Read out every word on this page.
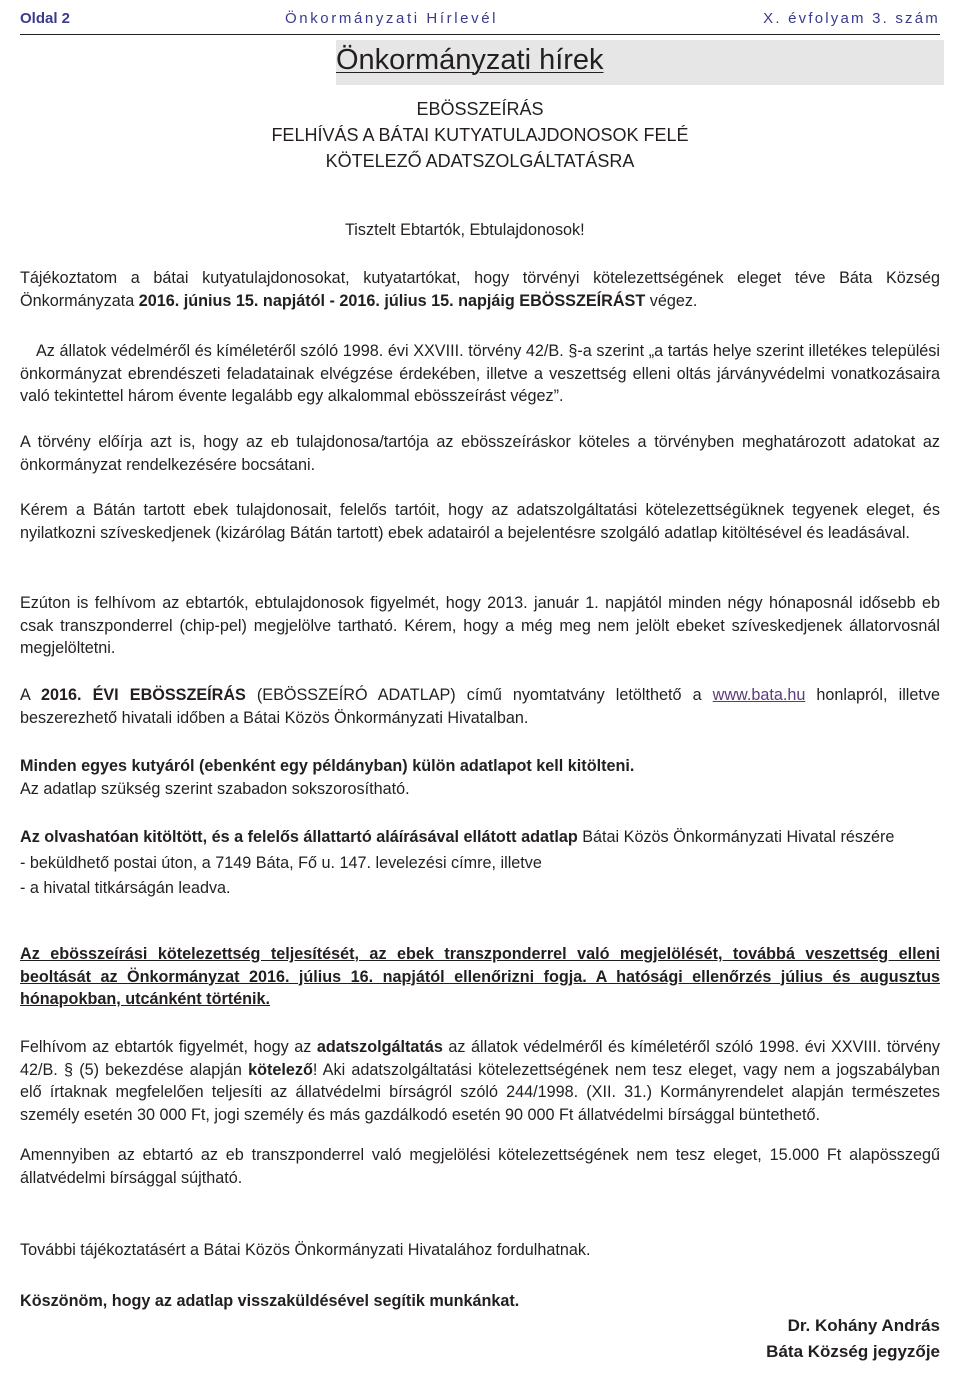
Oldal 2	Önkormányzati Hírlevél	X. évfolyam 3. szám
Önkormányzati hírek
EBÖSSZEÍRÁS
FELHÍVÁS A BÁTAI KUTYATULAJDONOSOK FELÉ
KÖTELEZŐ ADATSZOLGÁLTATÁSRA
Tisztelt Ebtartók, Ebtulajdonosok!

Tájékoztatom a bátai kutyatulajdonosokat, kutyatartókat, hogy törvényi kötelezettségének eleget téve Báta Község Önkormányzata 2016. június 15. napjától - 2016. július 15. napjáig EBÖSSZEÍRÁST végez.

Az állatok védelméről és kíméletéről szóló 1998. évi XXVIII. törvény 42/B. §-a szerint „a tartás helye szerint illetékes települési önkormányzat ebrendészeti feladatainak elvégzése érdekében, illetve a veszettség elleni oltás járványvédelmi vonatkozásaira való tekintettel három évente legalább egy alkalommal ebösszeírást végez”.

A törvény előírja azt is, hogy az eb tulajdonosa/tartója az ebösszeíráskor köteles a törvényben meghatározott adatokat az önkormányzat rendelkezésére bocsátani.

Kérem a Bátán tartott ebek tulajdonosait, felelős tartóit, hogy az adatszolgáltatási kötelezettségüknek tegyenek eleget, és nyilatkozni szíveskedjenek (kizárólag Bátán tartott) ebek adatairól a bejelentésre szolgáló adatlap kitöltésével és leadásával.

Ezúton is felhívom az ebtartók, ebtulajdonosok figyelmét, hogy 2013. január 1. napjától minden négy hónaposnál idősebb eb csak transzponderrel (chip-pel) megjelölve tartható. Kérem, hogy a még meg nem jelölt ebeket szíveskedjenek állatorvosnál megjelöltetni.

A 2016. ÉVI EBÖSSZEÍRÁS (EBÖSSZEÍRÓ ADATLAP) című nyomtatvány letölthető a www.bata.hu honlapról, illetve beszerezhető hivatali időben a Bátai Közös Önkormányzati Hivatalban.

Minden egyes kutyáról (ebenként egy példányban) külön adatlapot kell kitölteni.

Az adatlap szükség szerint szabadon sokszorosítható.

Az olvashatóan kitöltött, és a felelős állattartó aláírásával ellátott adatlap Bátai Közös Önkormányzati Hivatal részére

- beküldhető postai úton, a 7149 Báta, Fő u. 147. levelezési címre, illetve

- a hivatal titkárságán leadva.

Az ebösszeírási kötelezettség teljesítését, az ebek transzponderrel való megjelölését, továbbá veszettség elleni beoltását az Önkormányzat 2016. július 16. napjától ellenőrizni fogja. A hatósági ellenőrzés július és augusztus hónapokban, utcánként történik.

Felhívom az ebtartók figyelmét, hogy az adatszolgáltatás az állatok védelméről és kíméletéről szóló 1998. évi XXVIII. törvény 42/B. § (5) bekezdése alapján kötelező! Aki adatszolgáltatási kötelezettségének nem tesz eleget, vagy nem a jogszabályban elő írtaknak megfelelően teljesíti az állatvédelmi bírságról szóló 244/1998. (XII. 31.) Kormányrendelet alapján természetes személy esetén 30 000 Ft, jogi személy és más gazdálkodó esetén 90 000 Ft állatvédelmi bírsággal büntethető.

Amennyiben az ebtartó az eb transzponderrel való megjelölési kötelezettségének nem tesz eleget, 15.000 Ft alapösszegű állatvédelmi bírsággal sújtható.

További tájékoztatásért a Bátai Közös Önkormányzati Hivatalához fordulhatnak.

Köszönöm, hogy az adatlap visszaküldésével segítik munkánkat.

Dr. Kohány András
Báta Község jegyzője
